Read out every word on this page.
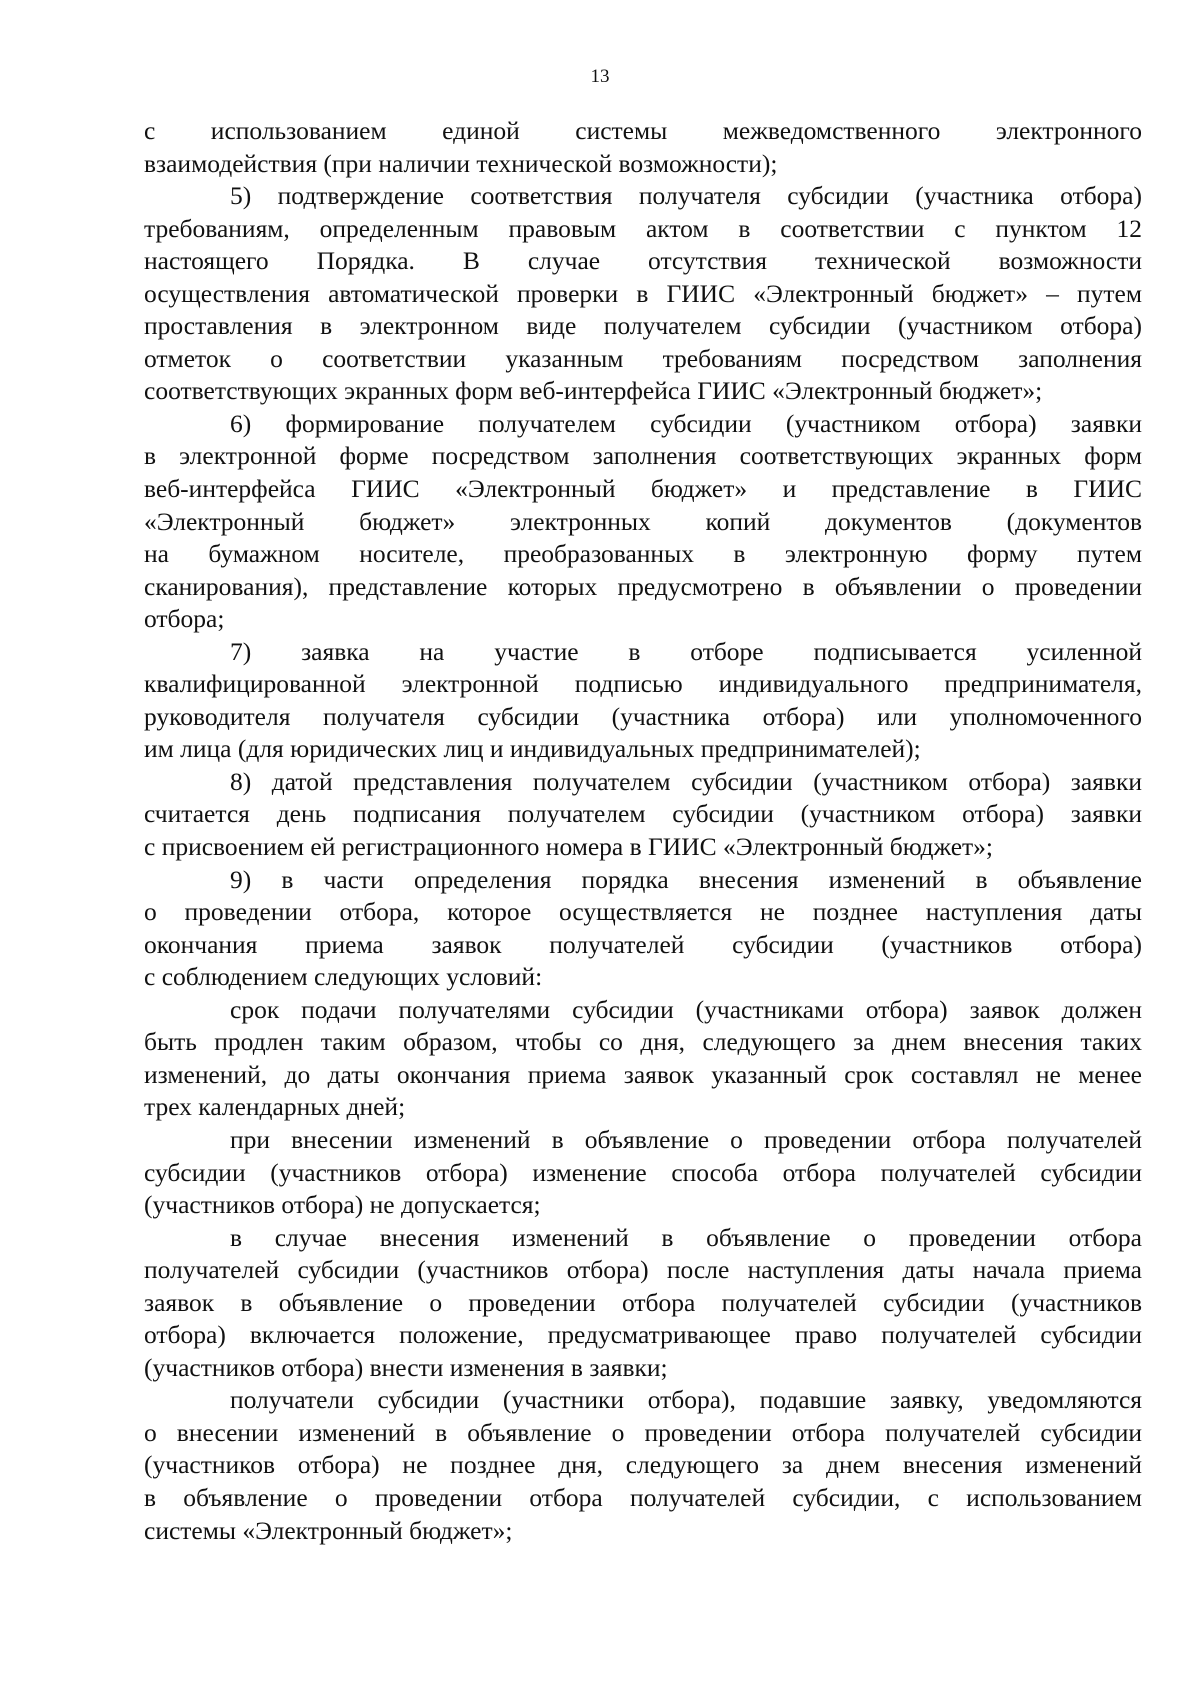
13
с использованием единой системы межведомственного электронного
взаимодействия (при наличии технической возможности);
5) подтверждение соответствия получателя субсидии (участника отбора)
требованиям, определенным правовым актом в соответствии с пунктом 12
настоящего Порядка. В случае отсутствия технической возможности
осуществления автоматической проверки в ГИИС «Электронный бюджет» – путем
проставления в электронном виде получателем субсидии (участником отбора)
отметок о соответствии указанным требованиям посредством заполнения
соответствующих экранных форм веб-интерфейса ГИИС «Электронный бюджет»;
6) формирование получателем субсидии (участником отбора) заявки
в электронной форме посредством заполнения соответствующих экранных форм
веб-интерфейса ГИИС «Электронный бюджет» и представление в ГИИС
«Электронный бюджет» электронных копий документов (документов
на бумажном носителе, преобразованных в электронную форму путем
сканирования), представление которых предусмотрено в объявлении о проведении
отбора;
7) заявка на участие в отборе подписывается усиленной
квалифицированной электронной подписью индивидуального предпринимателя,
руководителя получателя субсидии (участника отбора) или уполномоченного
им лица (для юридических лиц и индивидуальных предпринимателей);
8) датой представления получателем субсидии (участником отбора) заявки
считается день подписания получателем субсидии (участником отбора) заявки
с присвоением ей регистрационного номера в ГИИС «Электронный бюджет»;
9) в части определения порядка внесения изменений в объявление
о проведении отбора, которое осуществляется не позднее наступления даты
окончания приема заявок получателей субсидии (участников отбора)
с соблюдением следующих условий:
срок подачи получателями субсидии (участниками отбора) заявок должен
быть продлен таким образом, чтобы со дня, следующего за днем внесения таких
изменений, до даты окончания приема заявок указанный срок составлял не менее
трех календарных дней;
при внесении изменений в объявление о проведении отбора получателей
субсидии (участников отбора) изменение способа отбора получателей субсидии
(участников отбора) не допускается;
в случае внесения изменений в объявление о проведении отбора
получателей субсидии (участников отбора) после наступления даты начала приема
заявок в объявление о проведении отбора получателей субсидии (участников
отбора) включается положение, предусматривающее право получателей субсидии
(участников отбора) внести изменения в заявки;
получатели субсидии (участники отбора), подавшие заявку, уведомляются
о внесении изменений в объявление о проведении отбора получателей субсидии
(участников отбора) не позднее дня, следующего за днем внесения изменений
в объявление о проведении отбора получателей субсидии, с использованием
системы «Электронный бюджет»;
